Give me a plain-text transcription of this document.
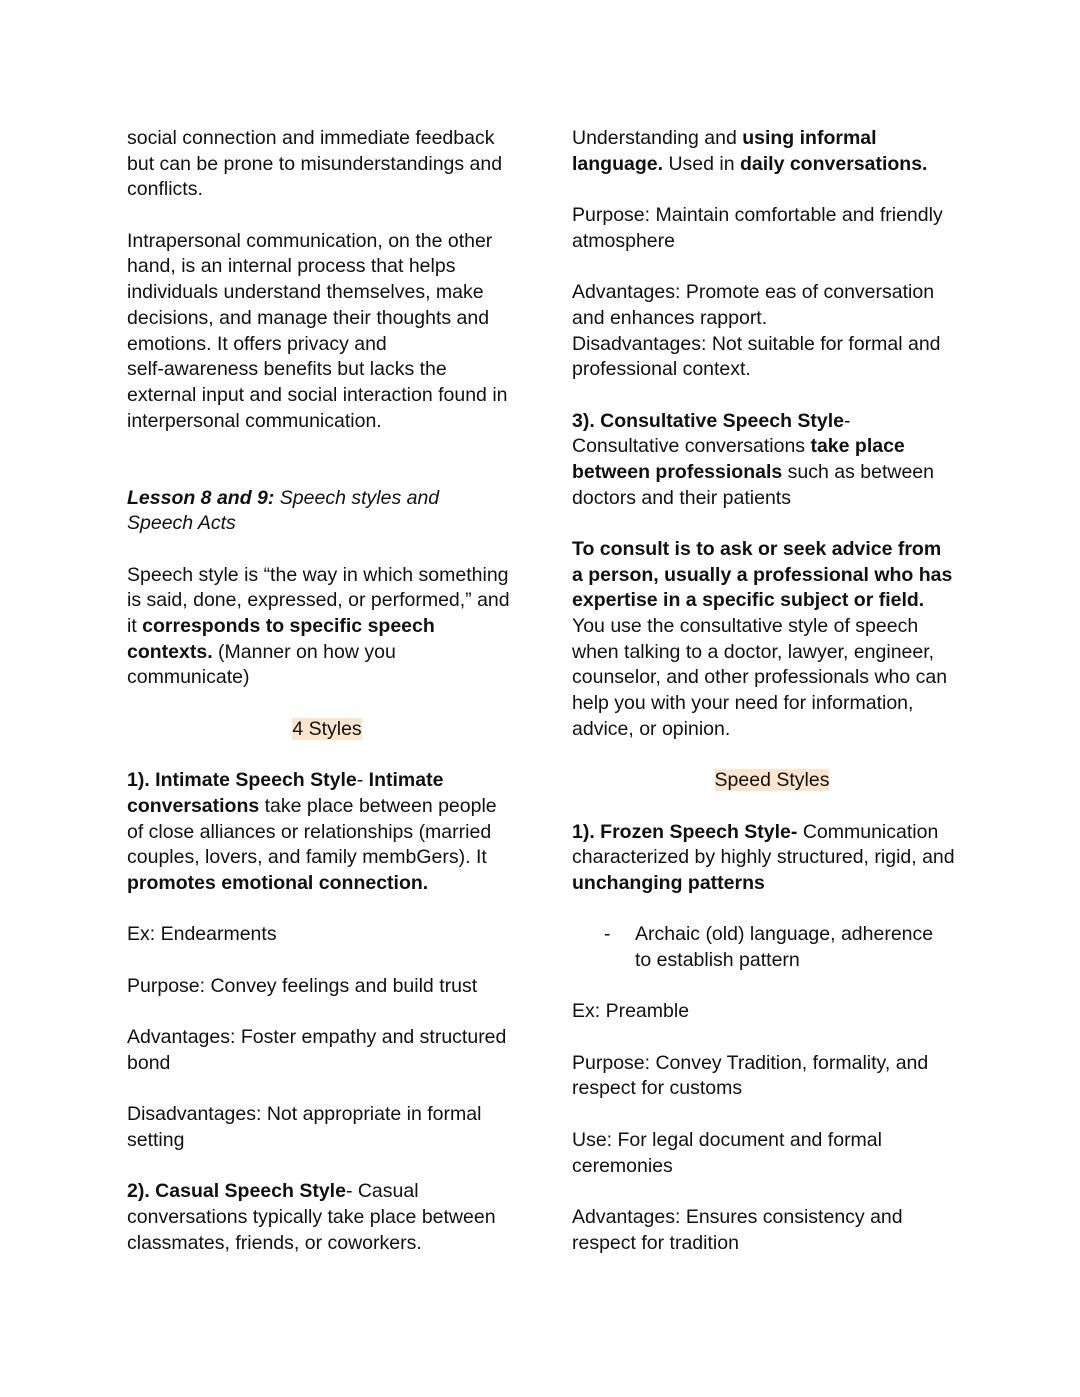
social connection and immediate feedback
but can be prone to misunderstandings and
conflicts.
Intrapersonal communication, on the other
hand, is an internal process that helps
individuals understand themselves, make
decisions, and manage their thoughts and
emotions. It offers privacy and
self-awareness benefits but lacks the
external input and social interaction found in
interpersonal communication.
Lesson 8 and 9: Speech styles and
Speech Acts
Speech style is “the way in which something
is said, done, expressed, or performed,” and
it corresponds to specific speech
contexts. (Manner on how you
communicate)
4 Styles
1). Intimate Speech Style- Intimate
conversations take place between people
of close alliances or relationships (married
couples, lovers, and family membGers). It
promotes emotional connection.
Ex: Endearments
Purpose: Convey feelings and build trust
Advantages: Foster empathy and structured
bond
Disadvantages: Not appropriate in formal
setting
2). Casual Speech Style- Casual
conversations typically take place between
classmates, friends, or coworkers.
Understanding and using informal
language. Used in daily conversations.
Purpose: Maintain comfortable and friendly
atmosphere
Advantages: Promote eas of conversation
and enhances rapport.
Disadvantages: Not suitable for formal and
professional context.
3). Consultative Speech Style-
Consultative conversations take place
between professionals such as between
doctors and their patients
To consult is to ask or seek advice from
a person, usually a professional who has
expertise in a specific subject or field.
You use the consultative style of speech
when talking to a doctor, lawyer, engineer,
counselor, and other professionals who can
help you with your need for information,
advice, or opinion.
Speed Styles
1). Frozen Speech Style- Communication
characterized by highly structured, rigid, and
unchanging patterns
- Archaic (old) language, adherence
to establish pattern
Ex: Preamble
Purpose: Convey Tradition, formality, and
respect for customs
Use: For legal document and formal
ceremonies
Advantages: Ensures consistency and
respect for tradition
